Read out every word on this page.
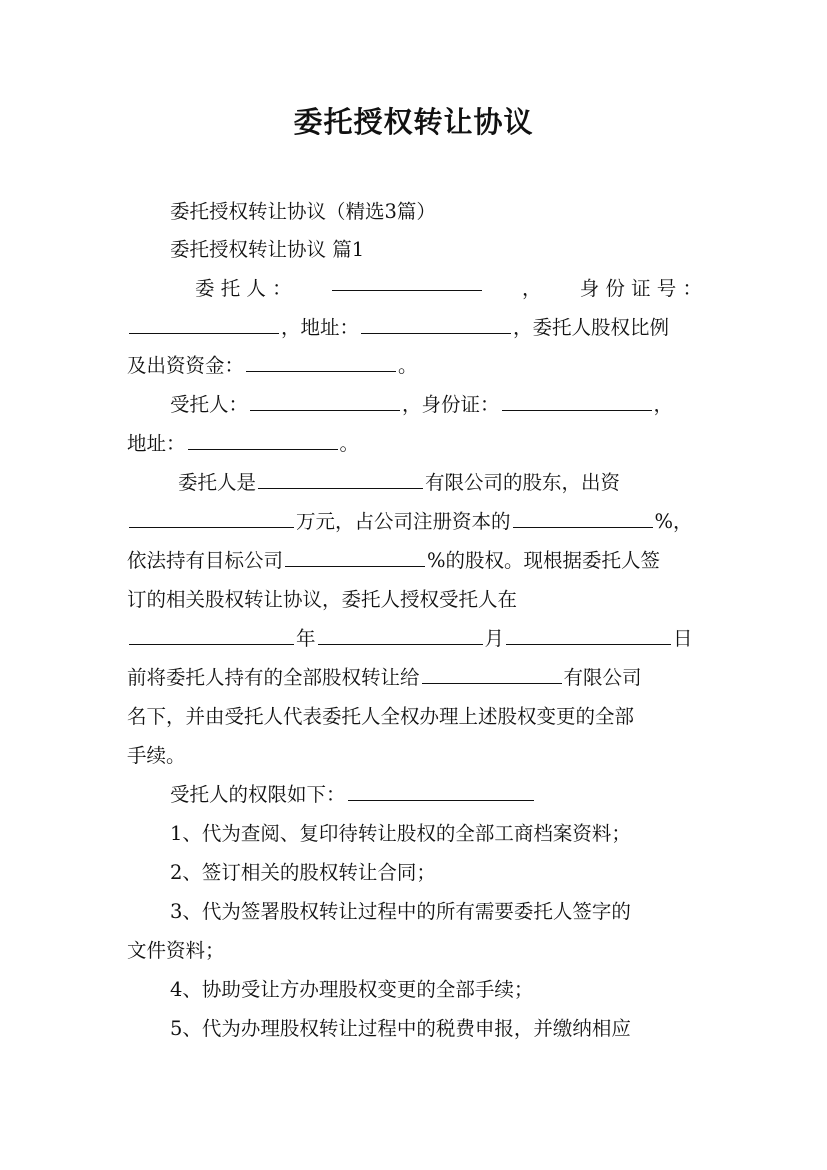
委托授权转让协议
委托授权转让协议（精选3篇）
委托授权转让协议 篇1
委 托 人 ：	， 身 份 证 号 ：
，地址：	，委托人股权比例
及出资资金：	。
受托人：	，身份证：	，
地址：	。
委托人是	有限公司的股东，出资
万元，占公司注册资本的	%，
依法持有目标公司	%的股权。现根据委托人签
订的相关股权转让协议，委托人授权受托人在
年	月	日
前将委托人持有的全部股权转让给	有限公司
名下，并由受托人代表委托人全权办理上述股权变更的全部
手续。
受托人的权限如下：
1、代为查阅、复印待转让股权的全部工商档案资料；
2、签订相关的股权转让合同；
3、代为签署股权转让过程中的所有需要委托人签字的
文件资料；
4、协助受让方办理股权变更的全部手续；
5、代为办理股权转让过程中的税费申报，并缴纳相应
